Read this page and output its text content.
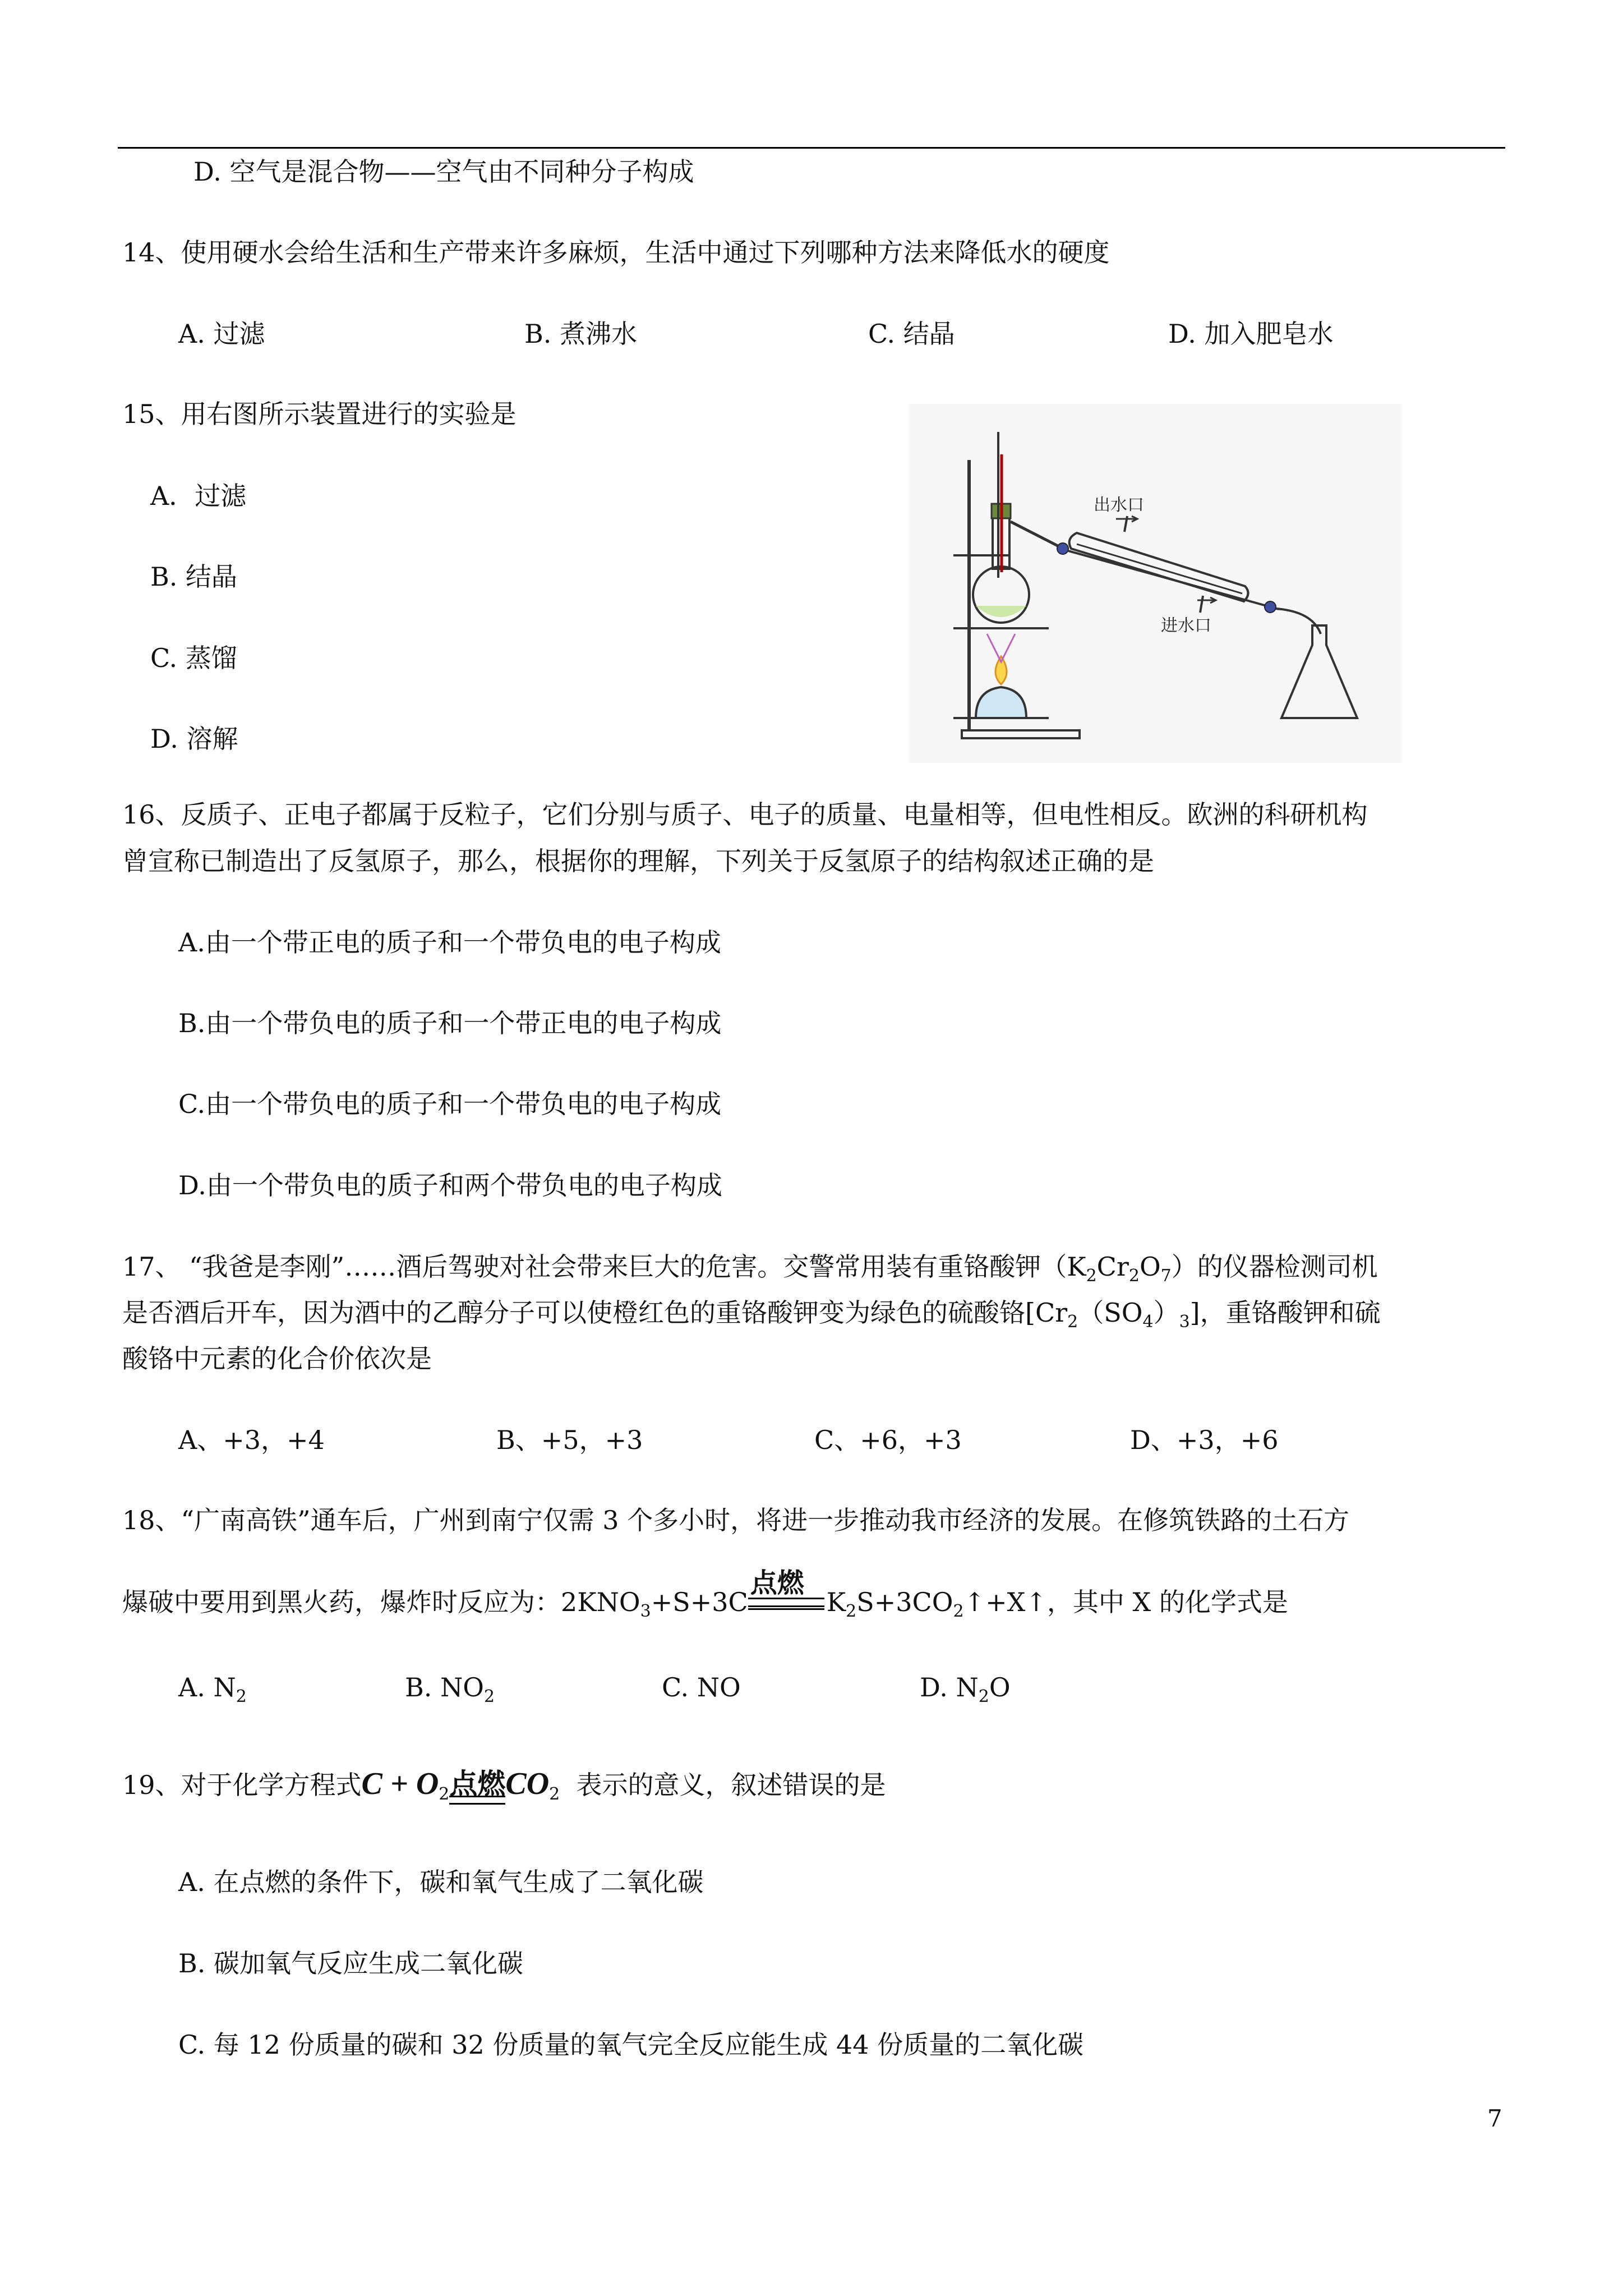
D. 空气是混合物——空气由不同种分子构成
14、使用硬水会给生活和生产带来许多麻烦，生活中通过下列哪种方法来降低水的硬度
A. 过滤	B. 煮沸水	C. 结晶	D. 加入肥皂水
15、用右图所示装置进行的实验是
A．过滤
B. 结晶
C. 蒸馏
D. 溶解
出水口
进水口
16、反质子、正电子都属于反粒子，它们分别与质子、电子的质量、电量相等，但电性相反。欧洲的科研机构
曾宣称已制造出了反氢原子，那么，根据你的理解，下列关于反氢原子的结构叙述正确的是
A.由一个带正电的质子和一个带负电的电子构成
B.由一个带负电的质子和一个带正电的电子构成
C.由一个带负电的质子和一个带负电的电子构成
D.由一个带负电的质子和两个带负电的电子构成
17、 “我爸是李刚”……酒后驾驶对社会带来巨大的危害。交警常用装有重铬酸钾$(K_2Cr_2O_7)$的仪器检测司机
是否酒后开车，因为酒中的乙醇分子可以使橙红色的重铬酸钾变为绿色的硫酸铬$[Cr_2(SO_4)_3]$，重铬酸钾和硫
酸铬中元素的化合价依次是
A、+3，+4	B、+5，+3	C、+6，+3	D、+3，+6
18、“广南高铁”通车后，广州到南宁仅需 3 个多小时，将进一步推动我市经济的发展。在修筑铁路的土石方
爆破中要用到黑火药，爆炸时反应为：$2KNO_3+S+3C$
点燃
$K_2S+3CO_2↑+X↑$，其中 X 的化学式是
A. $N_2$	B. $NO_2$	C. NO	D. $N_2O$
19、对于化学方程式$C + O_2$点燃
$CO_2$ 表示的意义，叙述错误的是
A. 在点燃的条件下，碳和氧气生成了二氧化碳
B. 碳加氧气反应生成二氧化碳
C. 每 12 份质量的碳和 32 份质量的氧气完全反应能生成 44 份质量的二氧化碳
7
